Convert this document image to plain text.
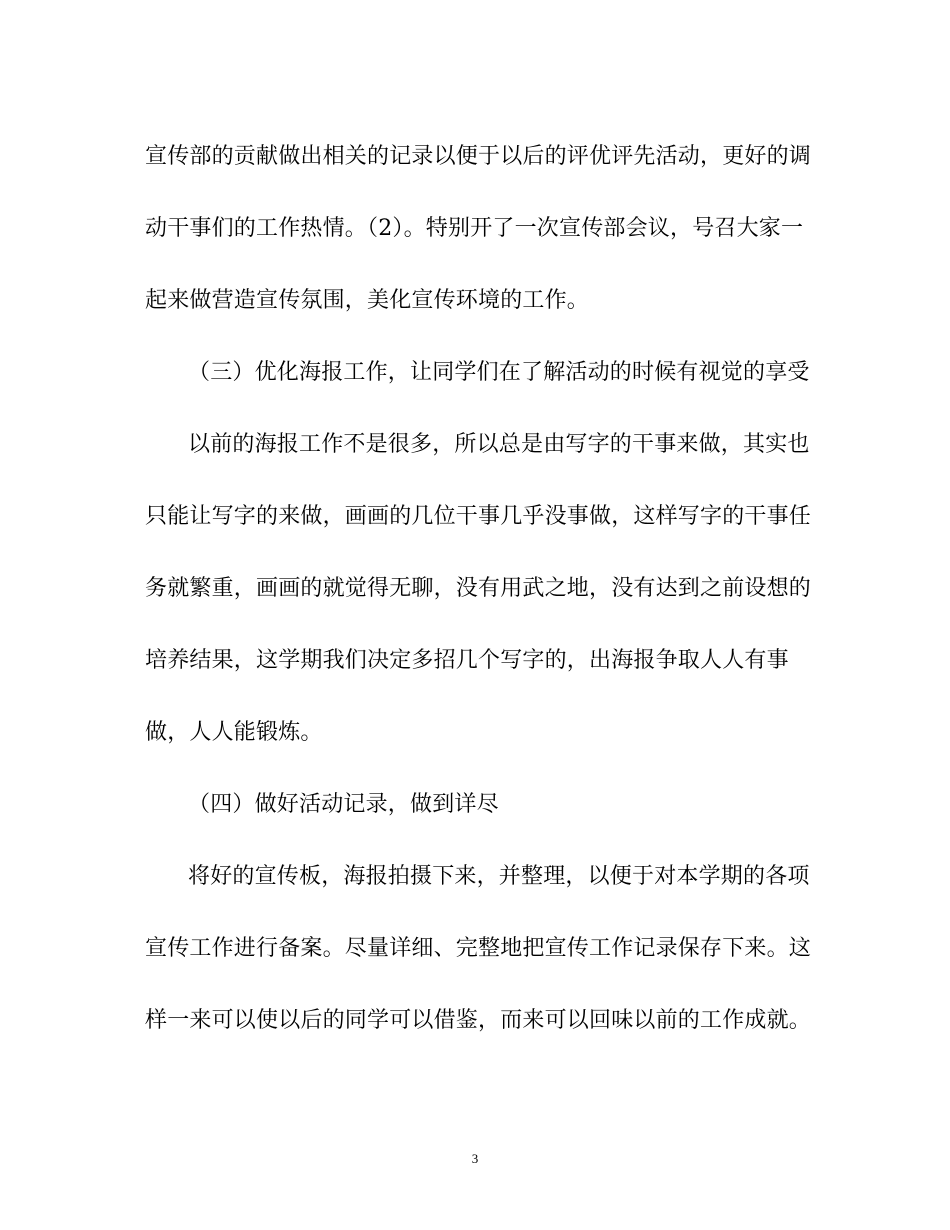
宣传部的贡献做出相关的记录以便于以后的评优评先活动，更好的调
动干事们的工作热情。（2）。特别开了一次宣传部会议，号召大家一
起来做营造宣传氛围，美化宣传环境的工作。
（三）优化海报工作，让同学们在了解活动的时候有视觉的享受
以前的海报工作不是很多，所以总是由写字的干事来做，其实也
只能让写字的来做，画画的几位干事几乎没事做，这样写字的干事任
务就繁重，画画的就觉得无聊，没有用武之地，没有达到之前设想的
培养结果，这学期我们决定多招几个写字的，出海报争取人人有事
做，人人能锻炼。
（四）做好活动记录，做到详尽
将好的宣传板，海报拍摄下来，并整理，以便于对本学期的各项
宣传工作进行备案。尽量详细、完整地把宣传工作记录保存下来。这
样一来可以使以后的同学可以借鉴，而来可以回味以前的工作成就。
3
